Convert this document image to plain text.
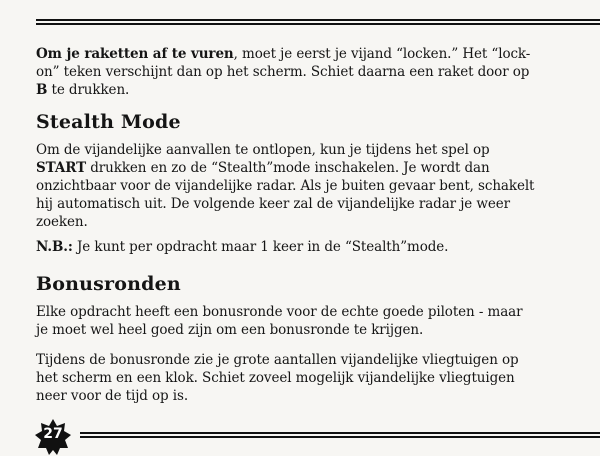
Om je raketten af te vuren, moet je eerst je vijand “locken.” Het “lock-on” teken verschijnt dan op het scherm. Schiet daarna een raket door op B te drukken.

Stealth Mode

Om de vijandelijke aanvallen te ontlopen, kun je tijdens het spel op START drukken en zo de “Stealth”mode inschakelen. Je wordt dan onzichtbaar voor de vijandelijke radar. Als je buiten gevaar bent, schakelt hij automatisch uit. De volgende keer zal de vijandelijke radar je weer zoeken.

N.B.: Je kunt per opdracht maar 1 keer in de “Stealth”mode.

Bonusronden

Elke opdracht heeft een bonusronde voor de echte goede piloten - maar je moet wel heel goed zijn om een bonusronde te krijgen.

Tijdens de bonusronde zie je grote aantallen vijandelijke vliegtuigen op het scherm en een klok. Schiet zoveel mogelijk vijandelijke vliegtuigen neer voor de tijd op is.

27
